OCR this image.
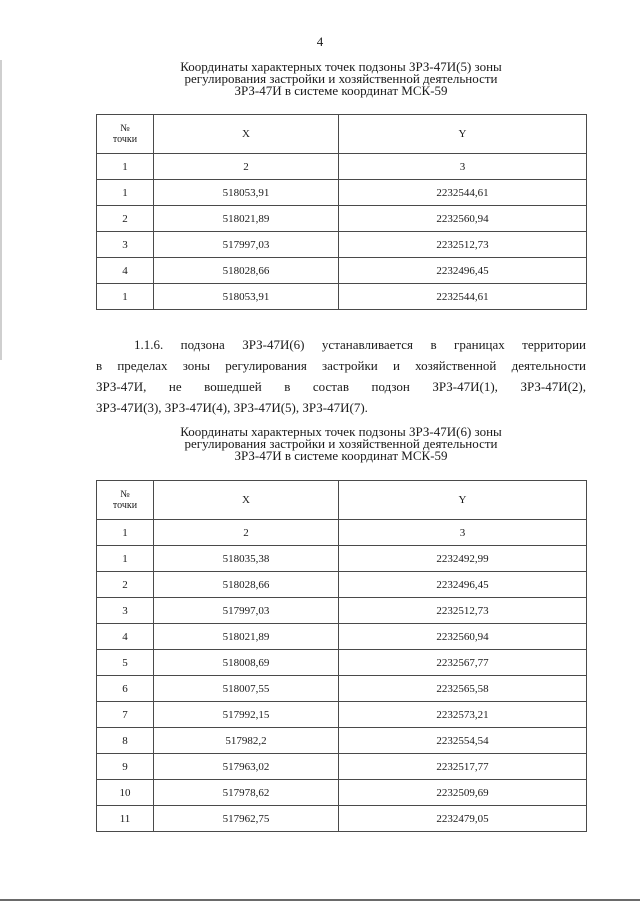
4
Координаты характерных точек подзоны ЗРЗ-47И(5) зоны
регулирования застройки и хозяйственной деятельности
ЗРЗ-47И в системе координат МСК-59
№
точки	X	Y
1	2	3
1	518053,91	2232544,61
2	518021,89	2232560,94
3	517997,03	2232512,73
4	518028,66	2232496,45
1	518053,91	2232544,61
1.1.6. подзона ЗРЗ-47И(6) устанавливается в границах территории
в пределах зоны регулирования застройки и хозяйственной деятельности
ЗРЗ-47И, не вошедшей в состав подзон ЗРЗ-47И(1), ЗРЗ-47И(2),
ЗРЗ-47И(3), ЗРЗ-47И(4), ЗРЗ-47И(5), ЗРЗ-47И(7).
Координаты характерных точек подзоны ЗРЗ-47И(6) зоны
регулирования застройки и хозяйственной деятельности
ЗРЗ-47И в системе координат МСК-59
№
точки	X	Y
1	2	3
1	518035,38	2232492,99
2	518028,66	2232496,45
3	517997,03	2232512,73
4	518021,89	2232560,94
5	518008,69	2232567,77
6	518007,55	2232565,58
7	517992,15	2232573,21
8	517982,2	2232554,54
9	517963,02	2232517,77
10	517978,62	2232509,69
11	517962,75	2232479,05
